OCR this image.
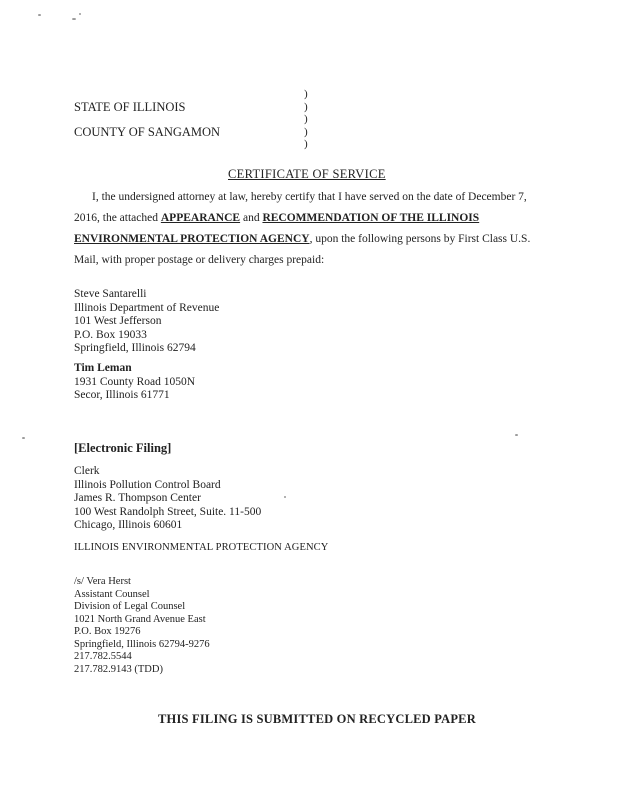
STATE OF ILLINOIS
COUNTY OF SANGAMON
)
)
)
)
)
CERTIFICATE OF SERVICE
I, the undersigned attorney at law, hereby certify that I have served on the date of December 7, 2016, the attached APPEARANCE and RECOMMENDATION OF THE ILLINOIS ENVIRONMENTAL PROTECTION AGENCY, upon the following persons by First Class U.S. Mail, with proper postage or delivery charges prepaid:
Steve Santarelli
Illinois Department of Revenue
101 West Jefferson
P.O. Box 19033
Springfield, Illinois 62794
Tim Leman
1931 County Road 1050N
Secor, Illinois 61771
[Electronic Filing]
Clerk
Illinois Pollution Control Board
James R. Thompson Center
100 West Randolph Street, Suite. 11-500
Chicago, Illinois 60601
ILLINOIS ENVIRONMENTAL PROTECTION AGENCY
/s/ Vera Herst
Assistant Counsel
Division of Legal Counsel
1021 North Grand Avenue East
P.O. Box 19276
Springfield, Illinois 62794-9276
217.782.5544
217.782.9143 (TDD)
THIS FILING IS SUBMITTED ON RECYCLED PAPER
